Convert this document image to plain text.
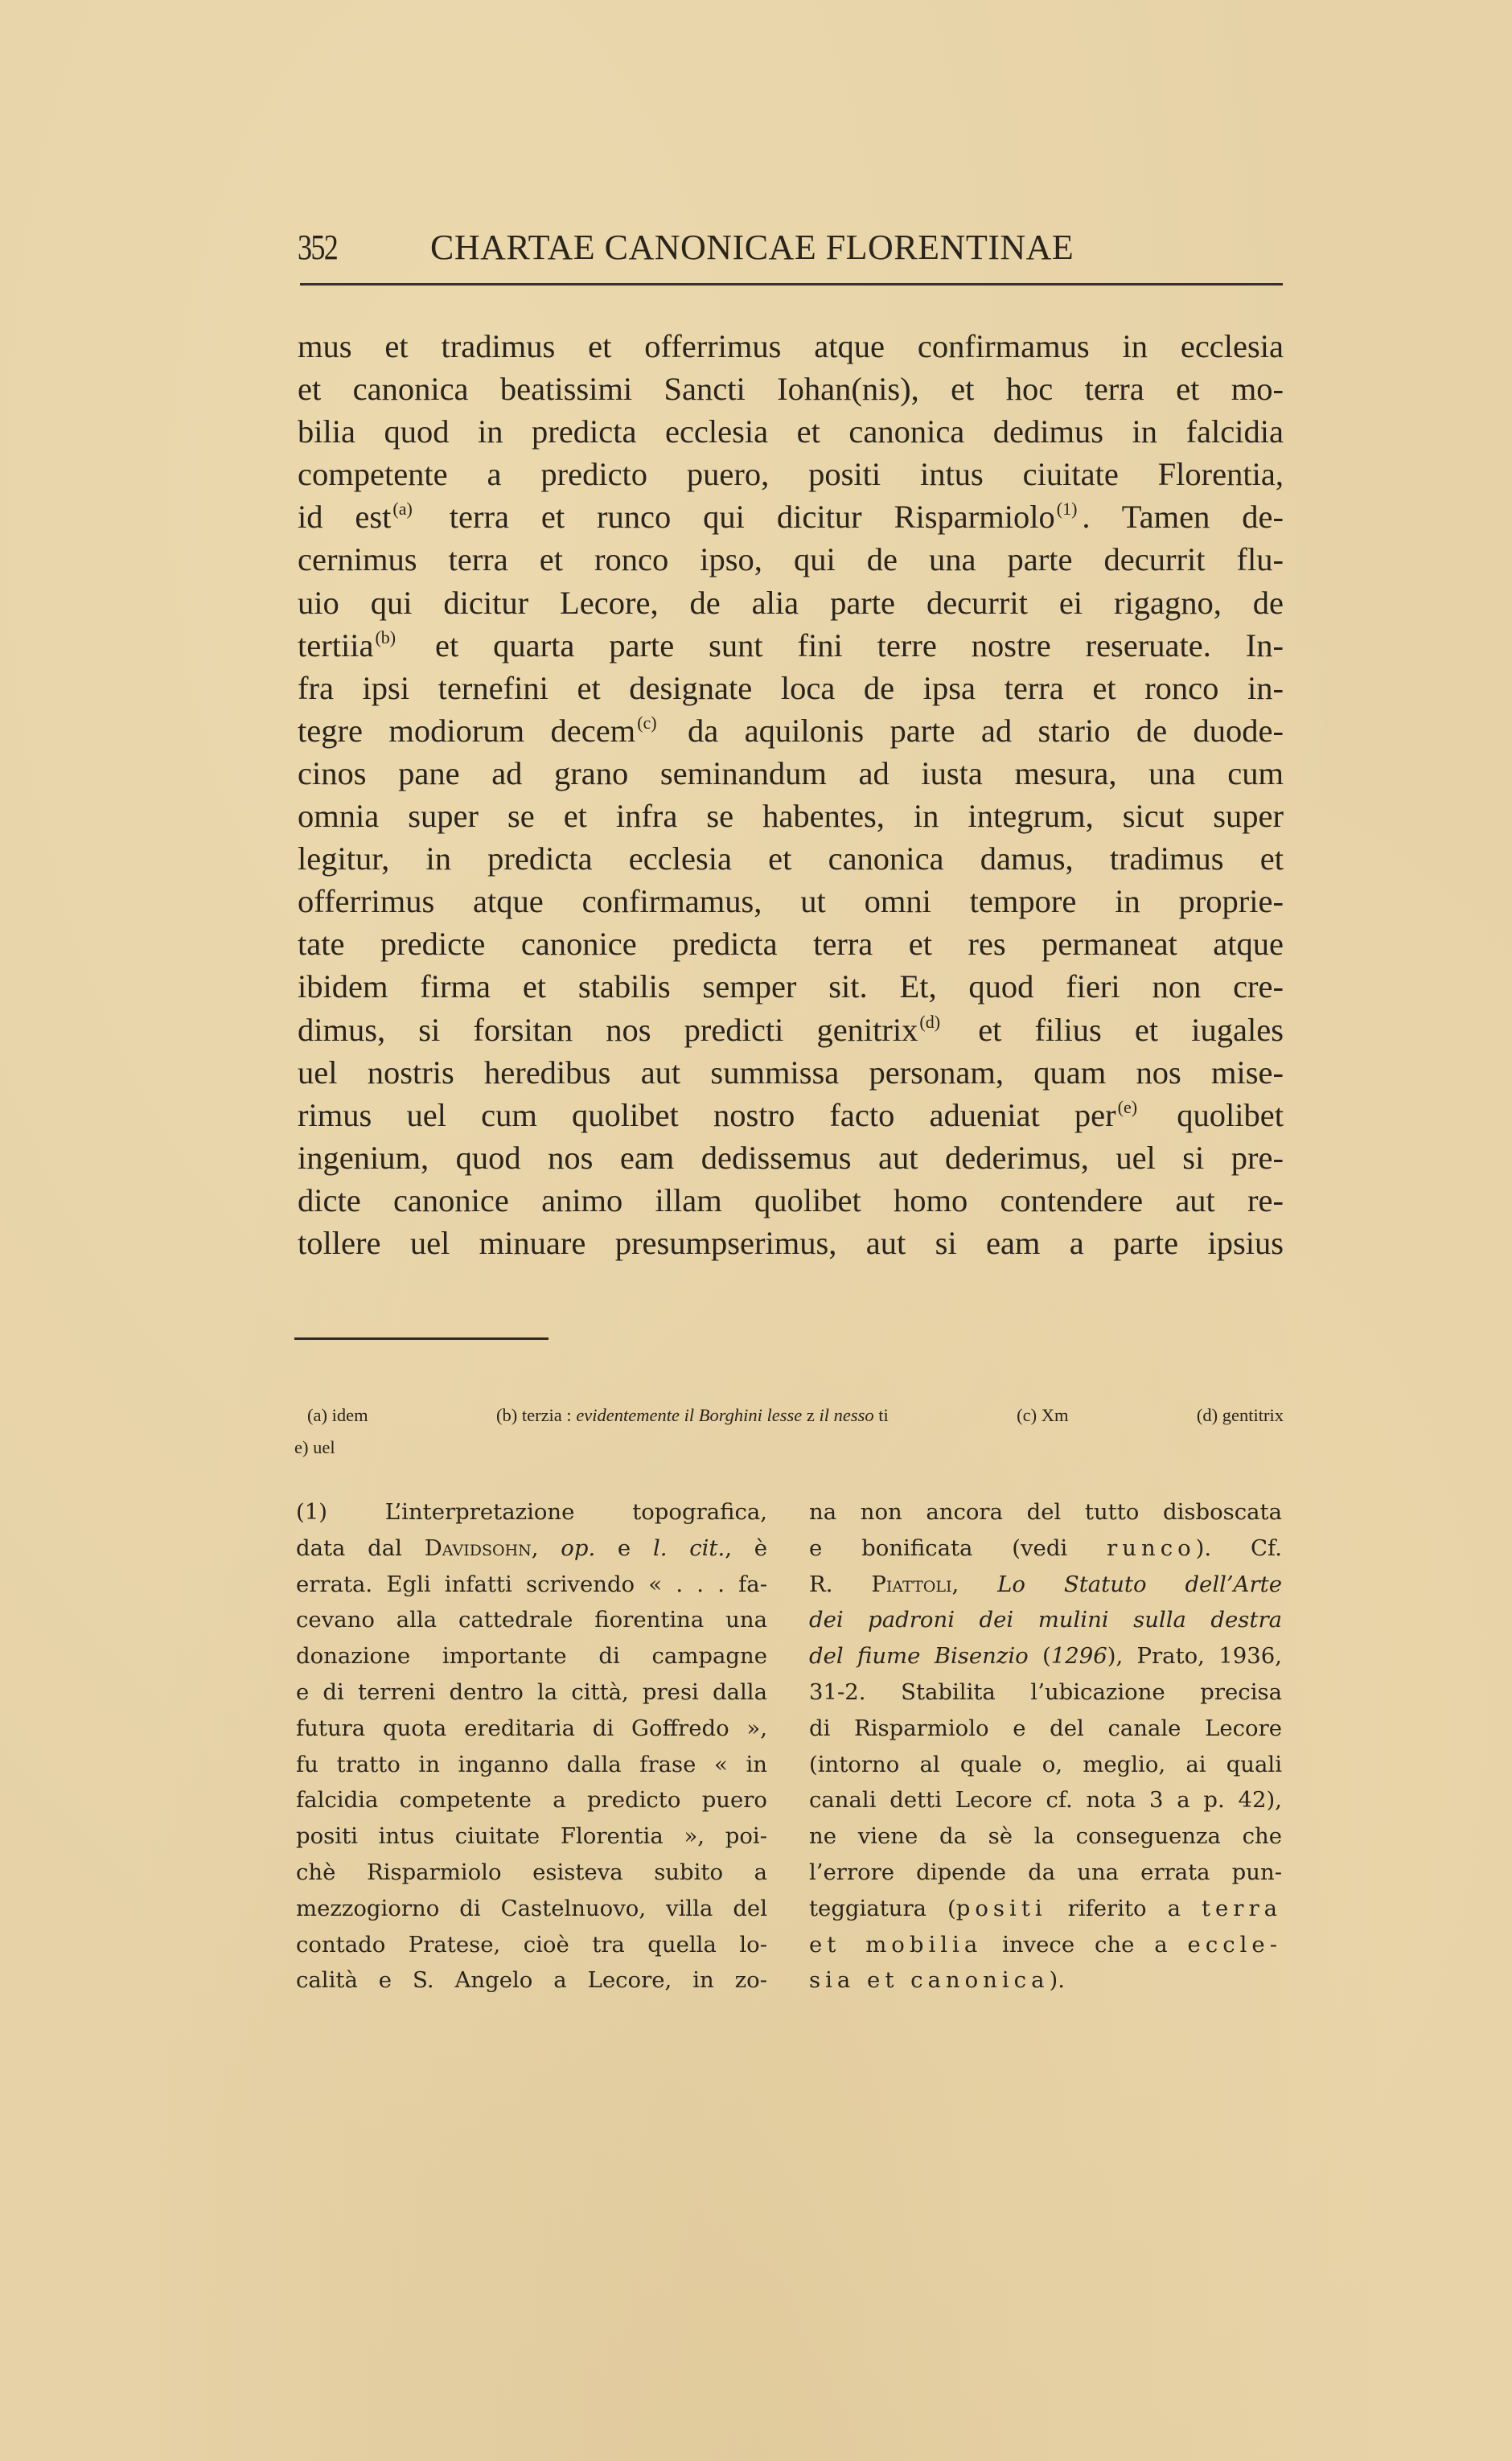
352	CHARTAE CANONICAE FLORENTINAE
mus et tradimus et offerrimus atque confirmamus in ecclesia
et canonica beatissimi Sancti Iohan(nis), et hoc terra et mo-
bilia quod in predicta ecclesia et canonica dedimus in falcidia
competente a predicto puero, positi intus ciuitate Florentia,
id est$^{(a)}$ terra et runco qui dicitur Risparmiolo$^{(1)}$ . Tamen de-
cernimus terra et ronco ipso, qui de una parte decurrit flu-
uio qui dicitur Lecore, de alia parte decurrit ei rigagno, de
tertiia$^{(b)}$ et quarta parte sunt fini terre nostre reseruate. In-
fra ipsi ternefini et designate loca de ipsa terra et ronco in-
tegre modiorum decem$^{(c)}$ da aquilonis parte ad stario de duode-
cinos pane ad grano seminandum ad iusta mesura, una cum
omnia super se et infra se habentes, in integrum, sicut super
legitur, in predicta ecclesia et canonica damus, tradimus et
offerrimus atque confirmamus, ut omni tempore in proprie-
tate predicte canonice predicta terra et res permaneat atque
ibidem firma et stabilis semper sit. Et, quod fieri non cre-
dimus, si forsitan nos predicti genitrix$^{(d)}$ et filius et iugales
uel nostris heredibus aut summissa personam, quam nos mise-
rimus uel cum quolibet nostro facto adueniat per$^{(e)}$ quolibet
ingenium, quod nos eam dedissemus aut dederimus, uel si pre-
dicte canonice animo illam quolibet homo contendere aut re-
tollere uel minuare presumpserimus, aut si eam a parte ipsius
(a) idem	(b) terzia : evidentemente il Borghini lesse z il nesso ti	(c) Xm	(d) gentitrix
e) uel
(1) L’interpretazione topografica,
data dal Davidsohn, op. e l. cit., è
errata. Egli infatti scrivendo « . . . fa-
cevano alla cattedrale fiorentina una
donazione importante di campagne
e di terreni dentro la città, presi dalla
futura quota ereditaria di Goffredo »,
fu tratto in inganno dalla frase « in
falcidia competente a predicto puero
positi intus ciuitate Florentia », poi-
chè Risparmiolo esisteva subito a
mezzogiorno di Castelnuovo, villa del
contado Pratese, cioè tra quella lo-
calità e S. Angelo a Lecore, in zo-
na non ancora del tutto disboscata
e bonificata (vedi runco). Cf.
R. Piattoli, Lo Statuto dell’Arte
dei padroni dei mulini sulla destra
del fiume Bisenzio (1296), Prato, 1936,
31-2. Stabilita l’ubicazione precisa
di Risparmiolo e del canale Lecore
(intorno al quale o, meglio, ai quali
canali detti Lecore cf. nota 3 a p. 42),
ne viene da sè la conseguenza che
l’errore dipende da una errata pun-
teggiatura (positi riferito a terra
et mobilia invece che a eccle-
sia et canonica).
